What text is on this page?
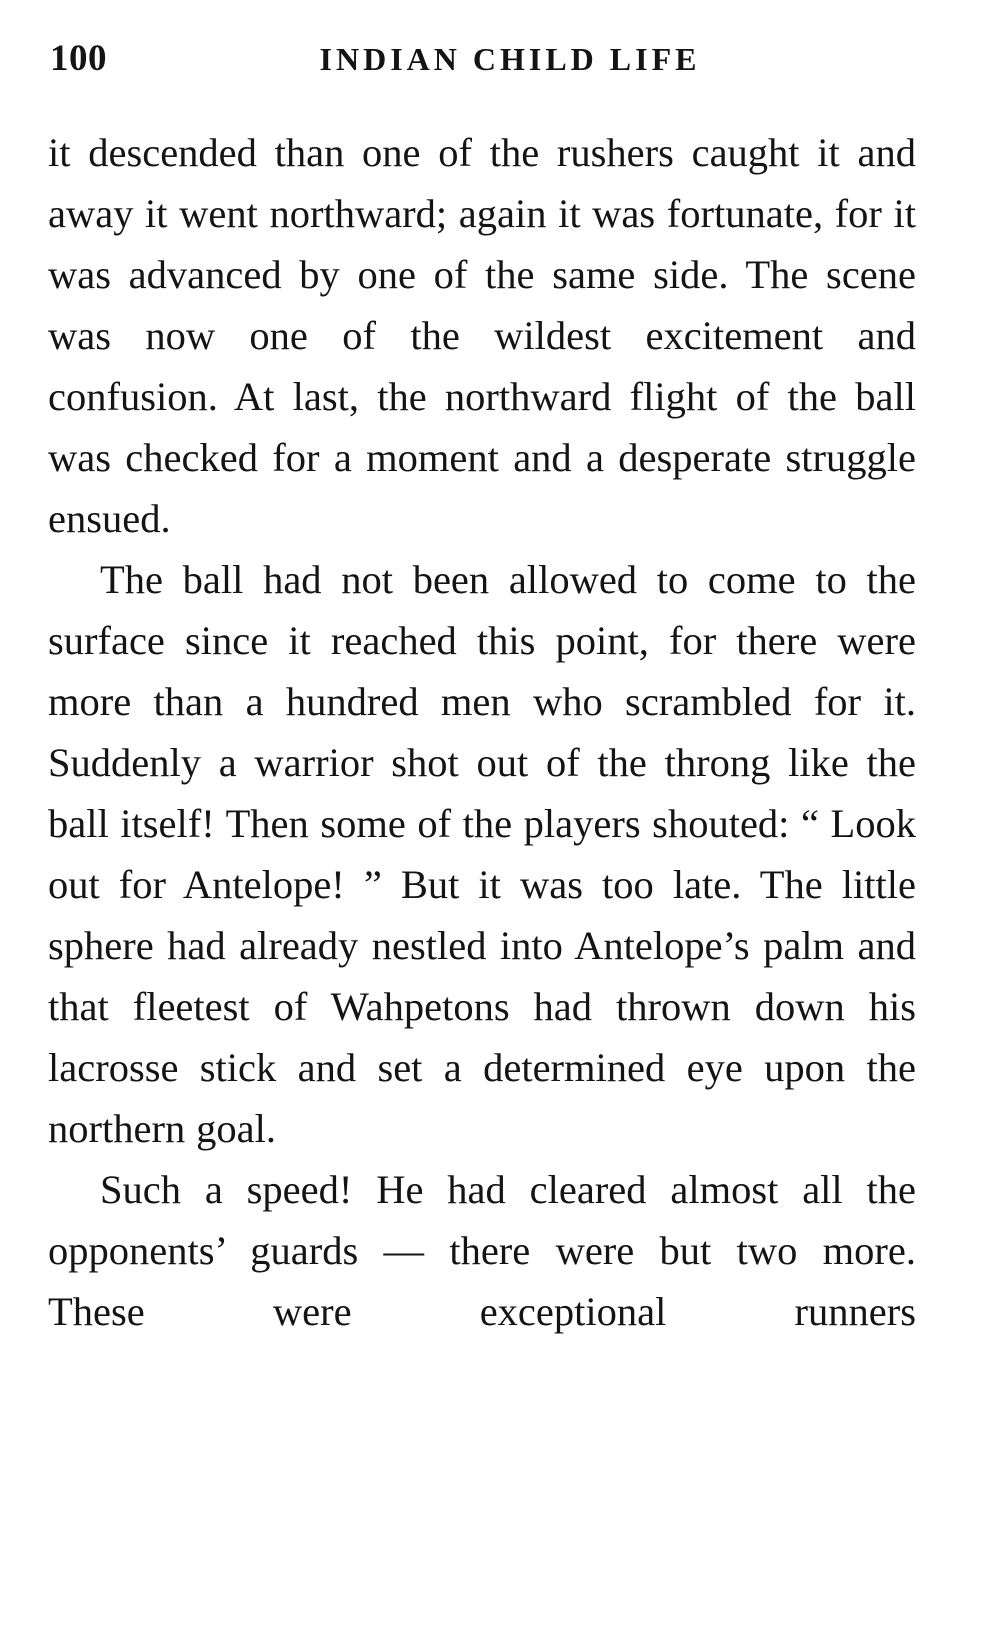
100	INDIAN CHILD LIFE

it descended than one of the rushers caught it and away it went northward; again it was fortunate, for it was advanced by one of the same side. The scene was now one of the wildest excitement and confusion. At last, the northward flight of the ball was checked for a moment and a desperate struggle ensued.

The ball had not been allowed to come to the surface since it reached this point, for there were more than a hundred men who scrambled for it. Suddenly a warrior shot out of the throng like the ball itself! Then some of the players shouted: “ Look out for Antelope! ” But it was too late. The little sphere had already nestled into Antelope’s palm and that fleetest of Wahpetons had thrown down his lacrosse stick and set a determined eye upon the northern goal.

Such a speed! He had cleared almost all the opponents’ guards — there were but two more. These were exceptional runners
